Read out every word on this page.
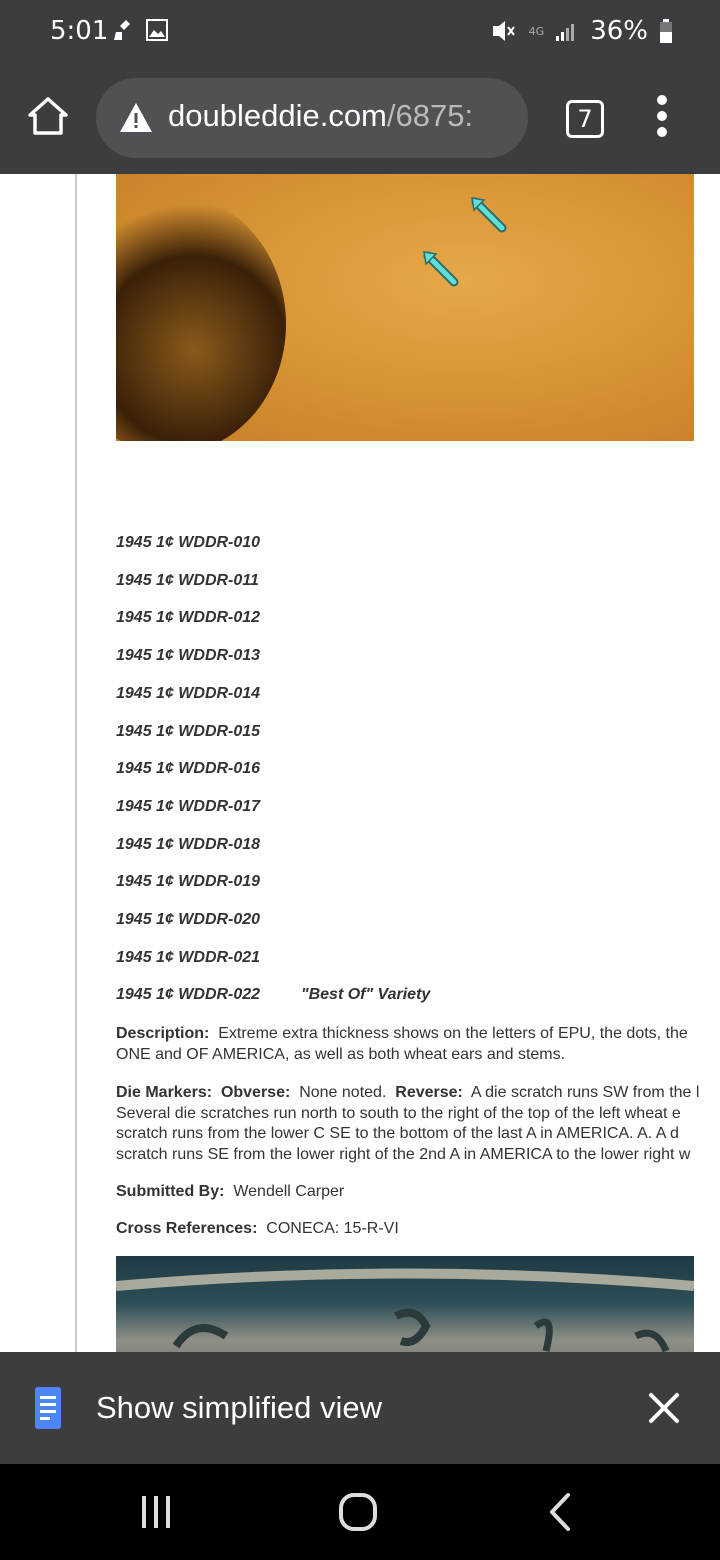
5:01	4G 36%
doubleddie.com/6875:	7
1945 1¢ WDDR-010
1945 1¢ WDDR-011
1945 1¢ WDDR-012
1945 1¢ WDDR-013
1945 1¢ WDDR-014
1945 1¢ WDDR-015
1945 1¢ WDDR-016
1945 1¢ WDDR-017
1945 1¢ WDDR-018
1945 1¢ WDDR-019
1945 1¢ WDDR-020
1945 1¢ WDDR-021
1945 1¢ WDDR-022	"Best Of" Variety
Description: Extreme extra thickness shows on the letters of EPU, the dots, the
ONE and OF AMERICA, as well as both wheat ears and stems.
Die Markers: Obverse: None noted. Reverse: A die scratch runs SW from the l
Several die scratches run north to south to the right of the top of the left wheat e
scratch runs from the lower C SE to the bottom of the last A in AMERICA. A. A d
scratch runs SE from the lower right of the 2nd A in AMERICA to the lower right w
Submitted By: Wendell Carper
Cross References: CONECA: 15-R-VI
Show simplified view
